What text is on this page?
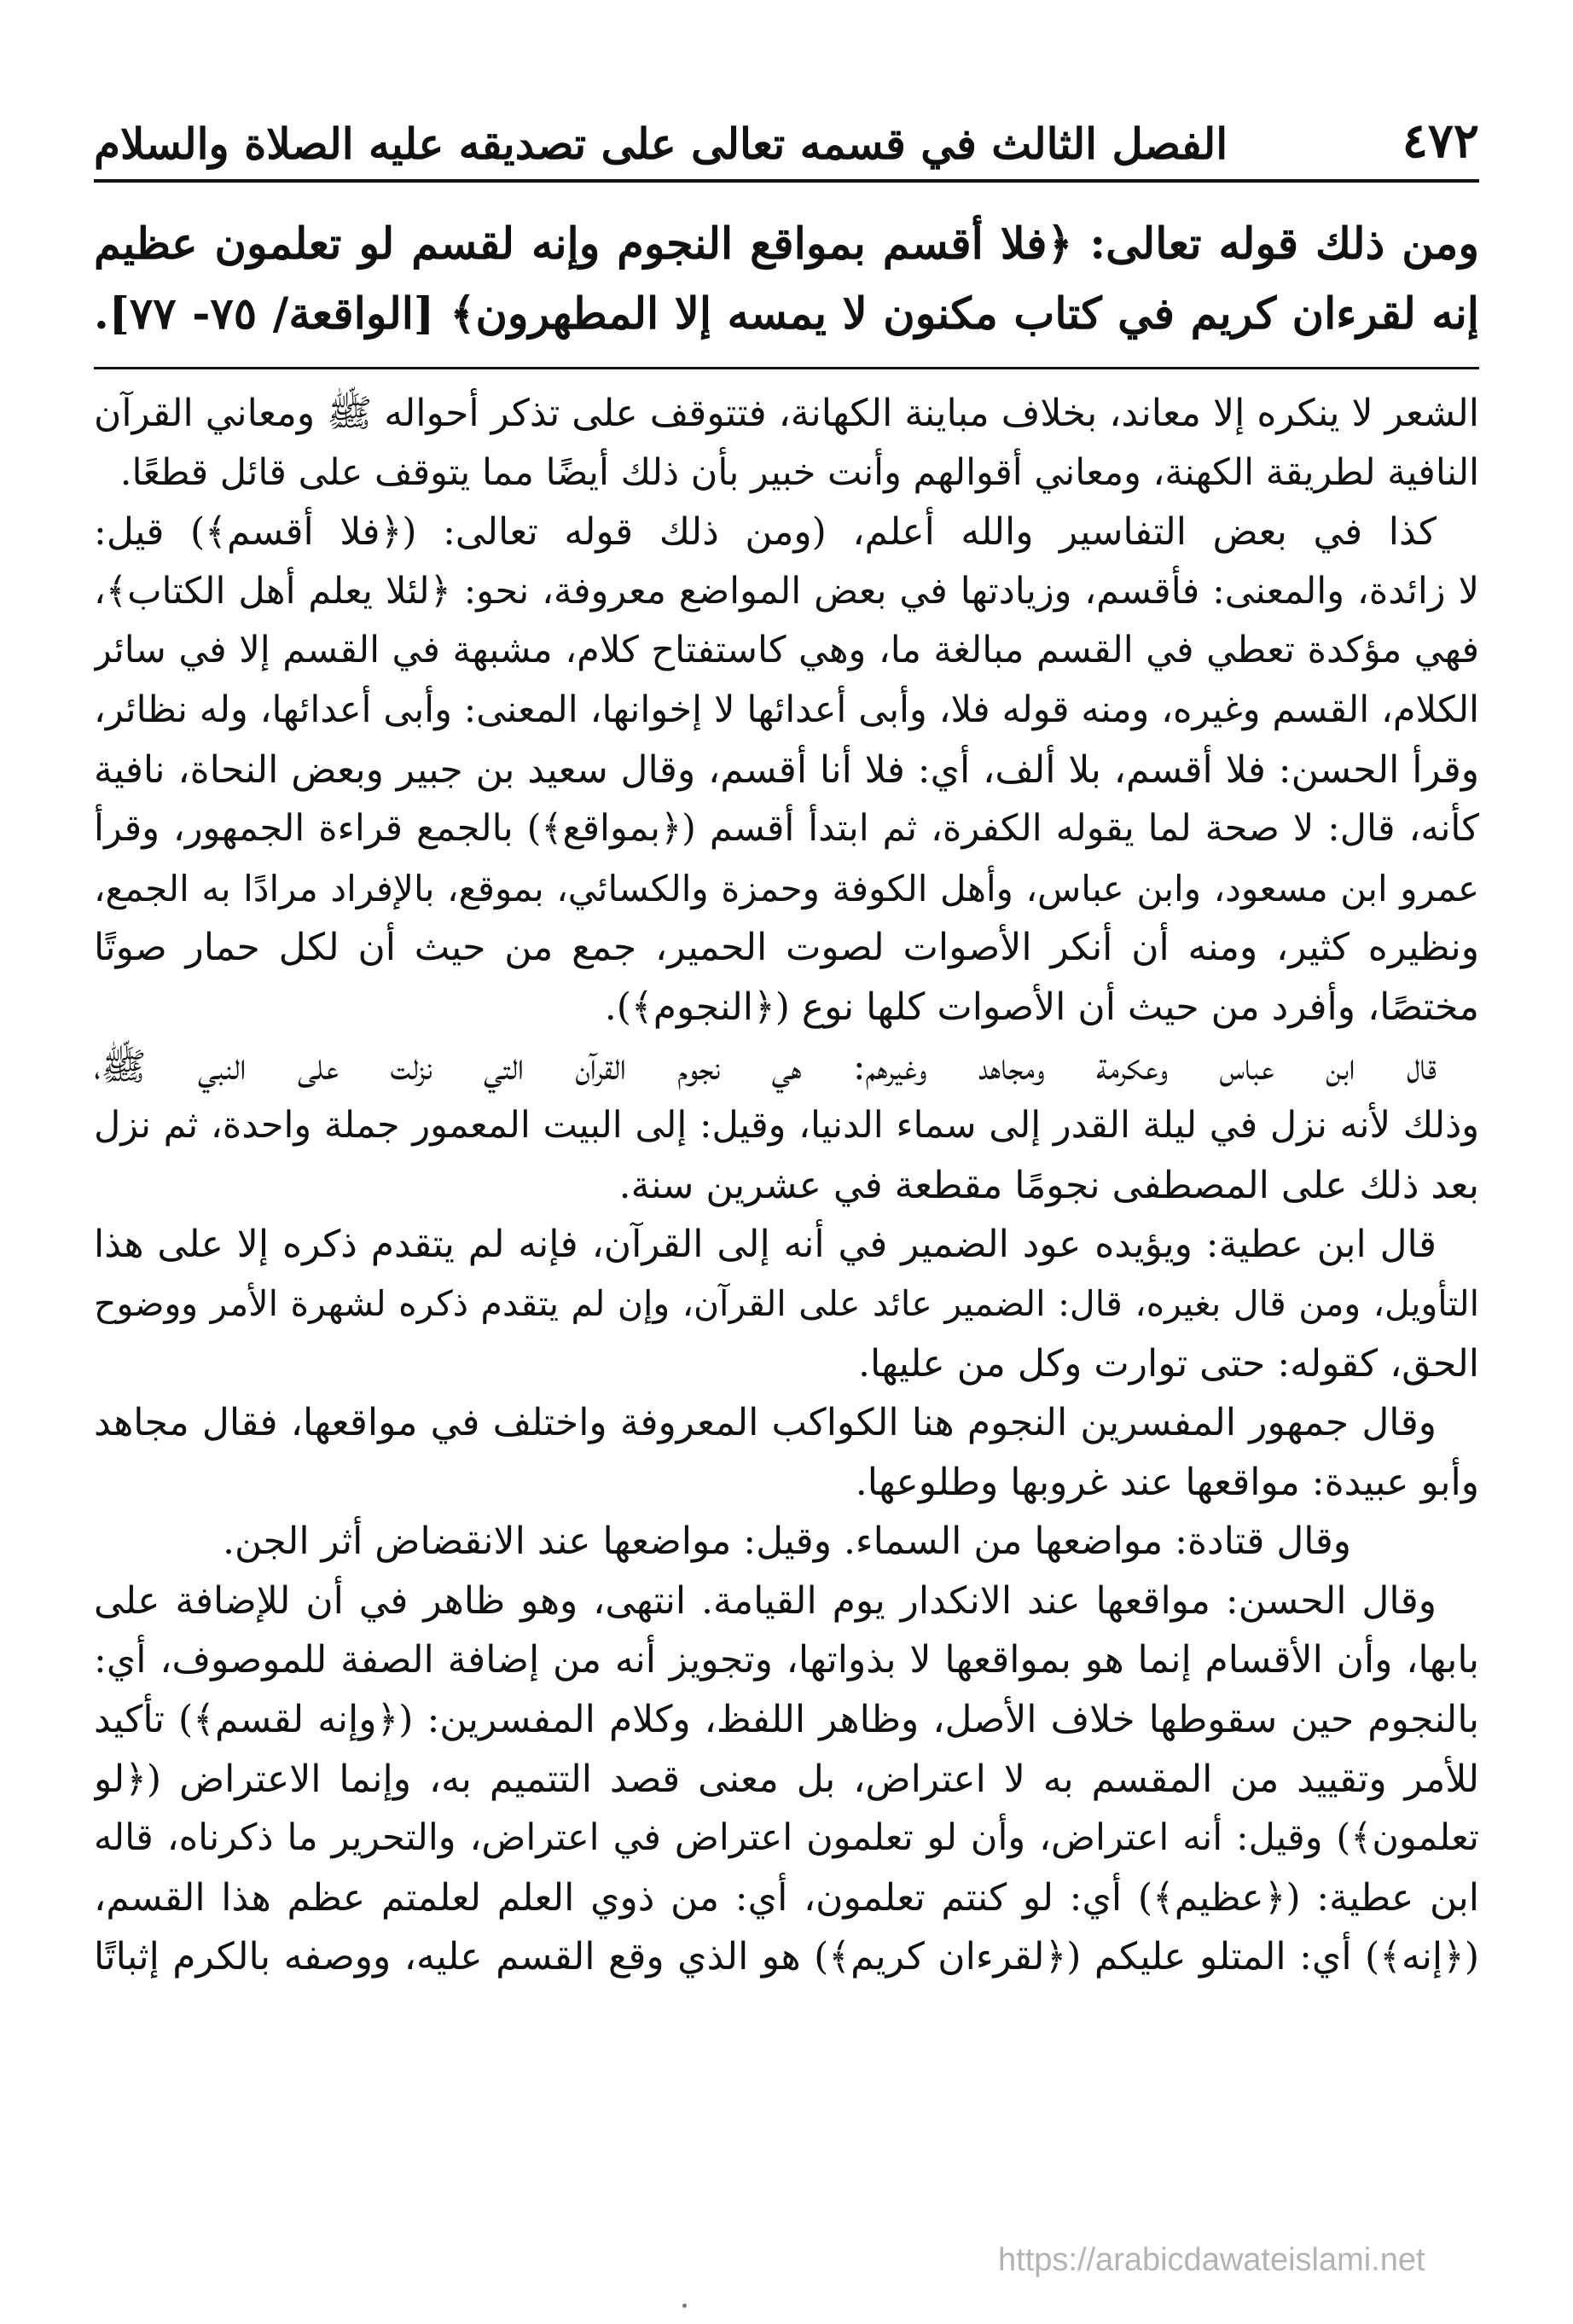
٤٧٢
الفصل الثالث في قسمه تعالى على تصديقه عليه الصلاة والسلام
ومن ذلك قوله تعالى: ﴿فلا أقسم بمواقع النجوم وإنه لقسم لو تعلمون عظيم
إنه لقرءان كريم في كتاب مكنون لا يمسه إلا المطهرون﴾ [الواقعة/ ٧٥- ٧٧].
الشعر لا ينكره إلا معاند، بخلاف مباينة الكهانة، فتتوقف على تذكر أحواله ﷺ ومعاني القرآن
النافية لطريقة الكهنة، ومعاني أقوالهم وأنت خبير بأن ذلك أيضًا مما يتوقف على قائل قطعًا.
كذا في بعض التفاسير والله أعلم، (ومن ذلك قوله تعالى: (﴿فلا أقسم﴾) قيل:
لا زائدة، والمعنى: فأقسم، وزيادتها في بعض المواضع معروفة، نحو: ﴿لئلا يعلم أهل الكتاب﴾،
فهي مؤكدة تعطي في القسم مبالغة ما، وهي كاستفتاح كلام، مشبهة في القسم إلا في سائر
الكلام، القسم وغيره، ومنه قوله فلا، وأبى أعدائها لا إخوانها، المعنى: وأبى أعدائها، وله نظائر،
وقرأ الحسن: فلا أقسم، بلا ألف، أي: فلا أنا أقسم، وقال سعيد بن جبير وبعض النحاة، نافية
كأنه، قال: لا صحة لما يقوله الكفرة، ثم ابتدأ أقسم (﴿بمواقع﴾) بالجمع قراءة الجمهور، وقرأ
عمرو ابن مسعود، وابن عباس، وأهل الكوفة وحمزة والكسائي، بموقع، بالإفراد مرادًا به الجمع،
ونظيره كثير، ومنه أن أنكر الأصوات لصوت الحمير، جمع من حيث أن لكل حمار صوتًا
مختصًا، وأفرد من حيث أن الأصوات كلها نوع (﴿النجوم﴾).
قال ابن عباس وعكرمة ومجاهد وغيرهم: هي نجوم القرآن التي نزلت على النبي ﷺ،
وذلك لأنه نزل في ليلة القدر إلى سماء الدنيا، وقيل: إلى البيت المعمور جملة واحدة، ثم نزل
بعد ذلك على المصطفى نجومًا مقطعة في عشرين سنة.
قال ابن عطية: ويؤيده عود الضمير في أنه إلى القرآن، فإنه لم يتقدم ذكره إلا على هذا
التأويل، ومن قال بغيره، قال: الضمير عائد على القرآن، وإن لم يتقدم ذكره لشهرة الأمر ووضوح
الحق، كقوله: حتى توارت وكل من عليها.
وقال جمهور المفسرين النجوم هنا الكواكب المعروفة واختلف في مواقعها، فقال مجاهد
وأبو عبيدة: مواقعها عند غروبها وطلوعها.
وقال قتادة: مواضعها من السماء. وقيل: مواضعها عند الانقضاض أثر الجن.
وقال الحسن: مواقعها عند الانكدار يوم القيامة. انتهى، وهو ظاهر في أن للإضافة على
بابها، وأن الأقسام إنما هو بمواقعها لا بذواتها، وتجويز أنه من إضافة الصفة للموصوف، أي:
بالنجوم حين سقوطها خلاف الأصل، وظاهر اللفظ، وكلام المفسرين: (﴿وإنه لقسم﴾) تأكيد
للأمر وتقييد من المقسم به لا اعتراض، بل معنى قصد التتميم به، وإنما الاعتراض (﴿لو
تعلمون﴾) وقيل: أنه اعتراض، وأن لو تعلمون اعتراض في اعتراض، والتحرير ما ذكرناه، قاله
ابن عطية: (﴿عظيم﴾) أي: لو كنتم تعلمون، أي: من ذوي العلم لعلمتم عظم هذا القسم،
(﴿إنه﴾) أي: المتلو عليكم (﴿لقرءان كريم﴾) هو الذي وقع القسم عليه، ووصفه بالكرم إثباتًا
https://arabicdawateislami.net
